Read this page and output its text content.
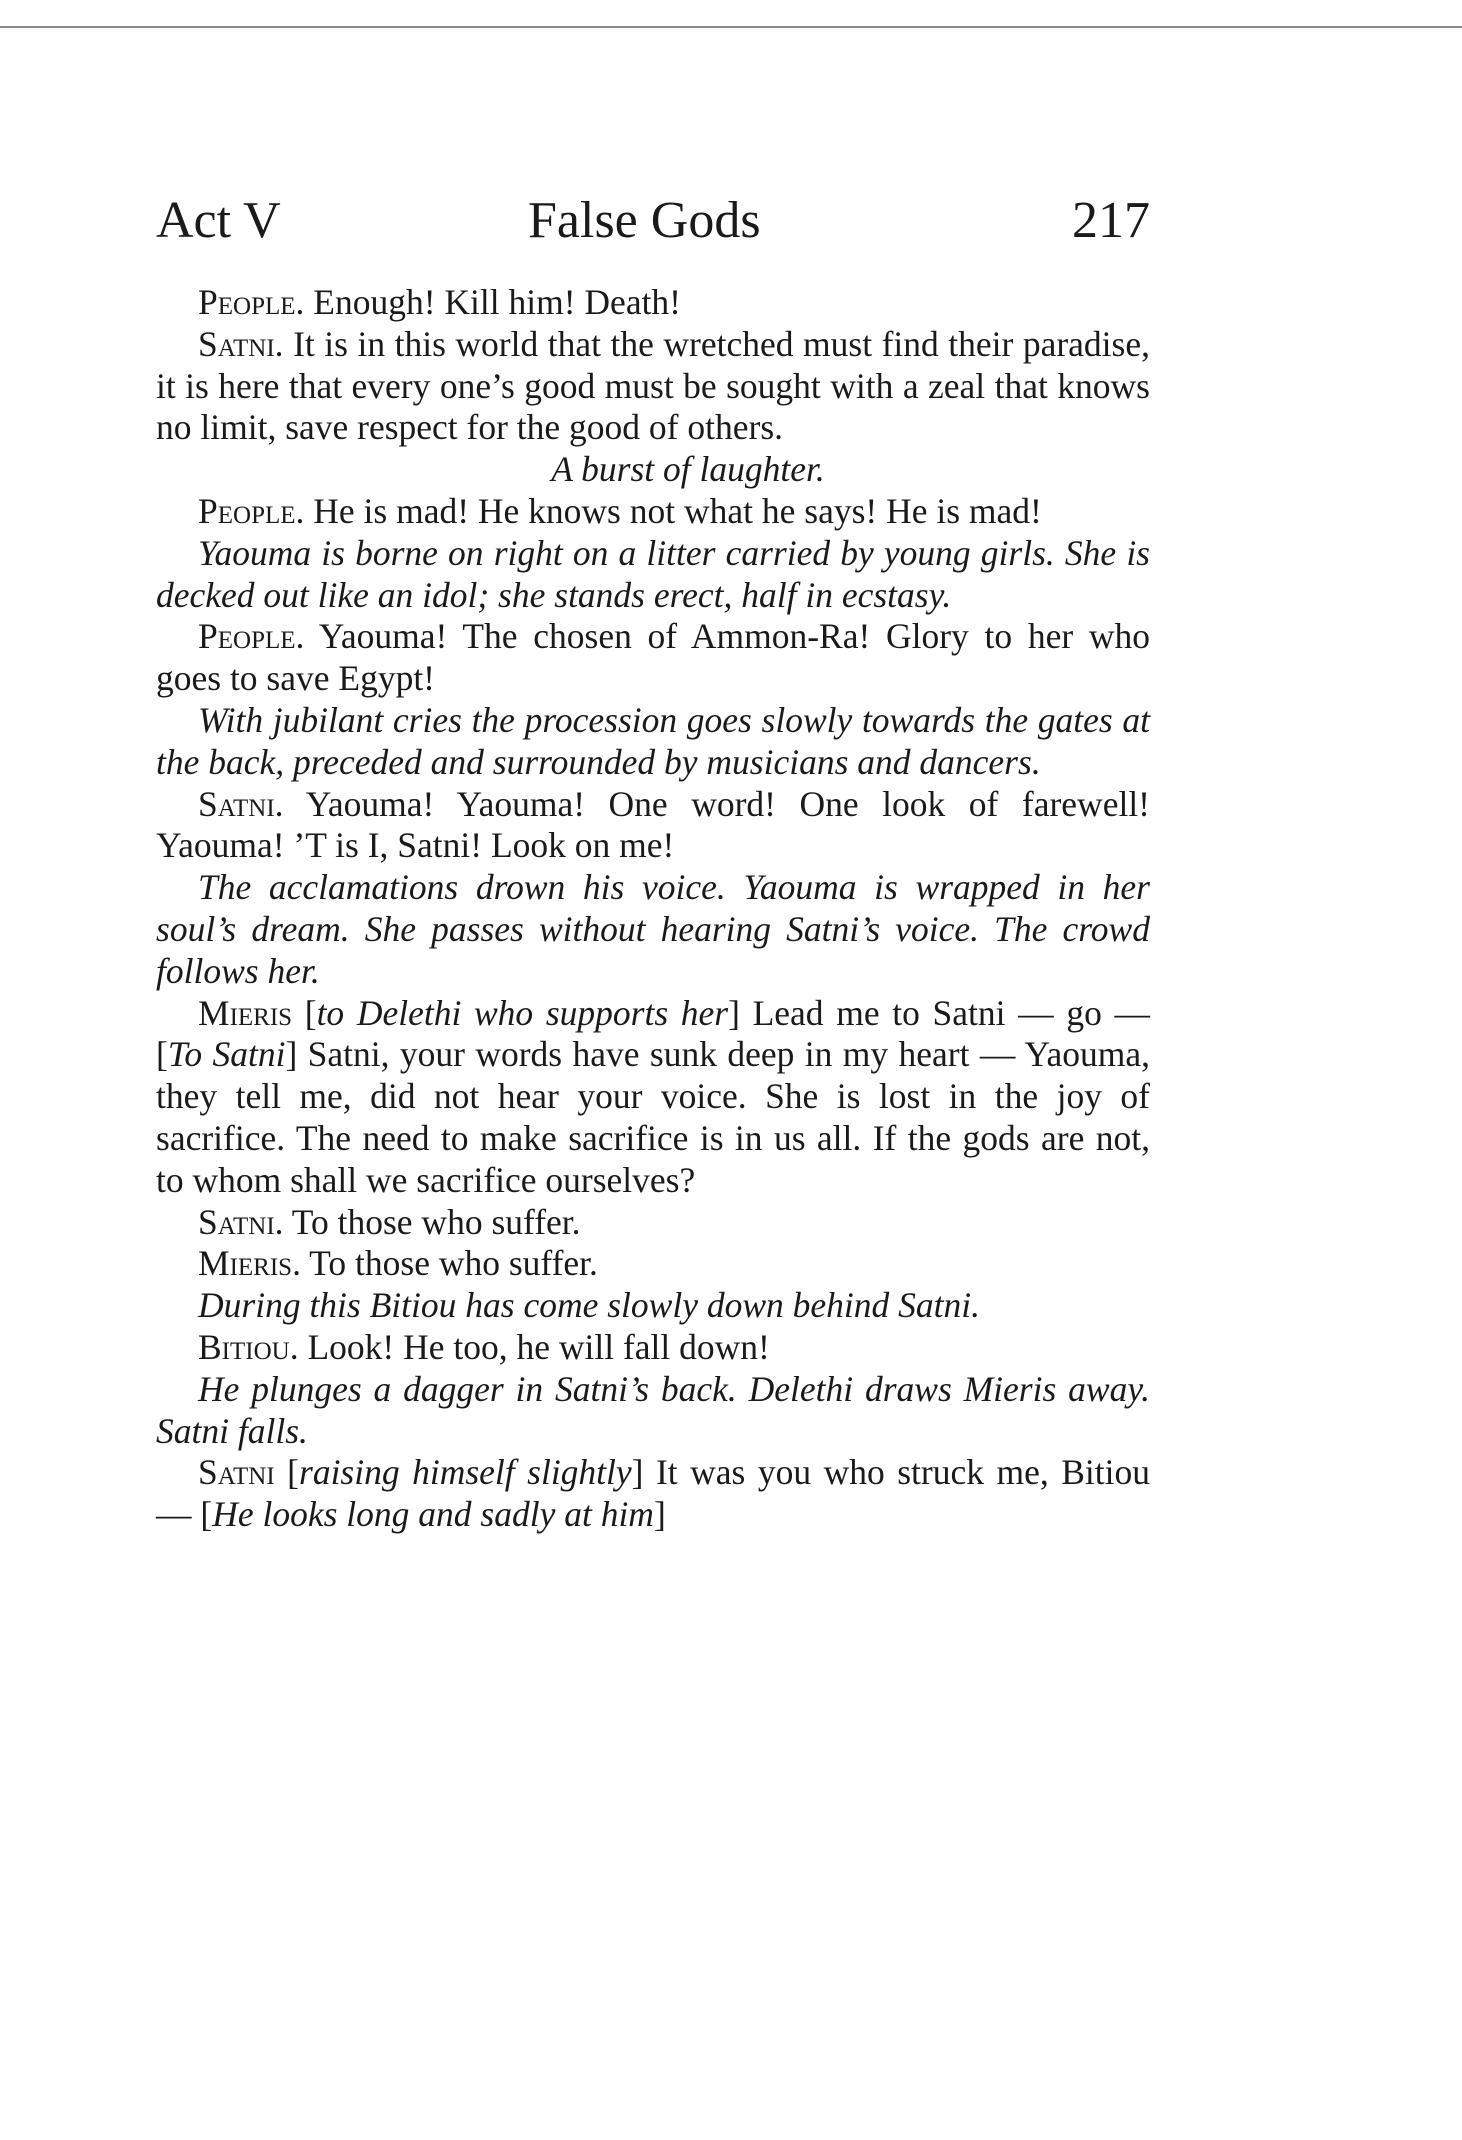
Act V	False Gods	217

People. Enough! Kill him! Death!

Satni. It is in this world that the wretched must find their paradise, it is here that every one’s good must be sought with a zeal that knows no limit, save respect for the good of others.

A burst of laughter.

People. He is mad! He knows not what he says! He is mad!

Yaouma is borne on right on a litter carried by young girls. She is decked out like an idol; she stands erect, half in ecstasy.

People. Yaouma! The chosen of Ammon-Ra! Glory to her who goes to save Egypt!

With jubilant cries the procession goes slowly towards the gates at the back, preceded and surrounded by musicians and dancers.

Satni. Yaouma! Yaouma! One word! One look of farewell! Yaouma! ’T is I, Satni! Look on me!

The acclamations drown his voice. Yaouma is wrapped in her soul’s dream. She passes without hearing Satni’s voice. The crowd follows her.

Mieris [to Delethi who supports her] Lead me to Satni — go — [To Satni] Satni, your words have sunk deep in my heart — Yaouma, they tell me, did not hear your voice. She is lost in the joy of sacrifice. The need to make sacrifice is in us all. If the gods are not, to whom shall we sacrifice ourselves?

Satni. To those who suffer.

Mieris. To those who suffer.

During this Bitiou has come slowly down behind Satni.

Bitiou. Look! He too, he will fall down!

He plunges a dagger in Satni’s back. Delethi draws Mieris away. Satni falls.

Satni [raising himself slightly] It was you who struck me, Bitiou — [He looks long and sadly at him]
